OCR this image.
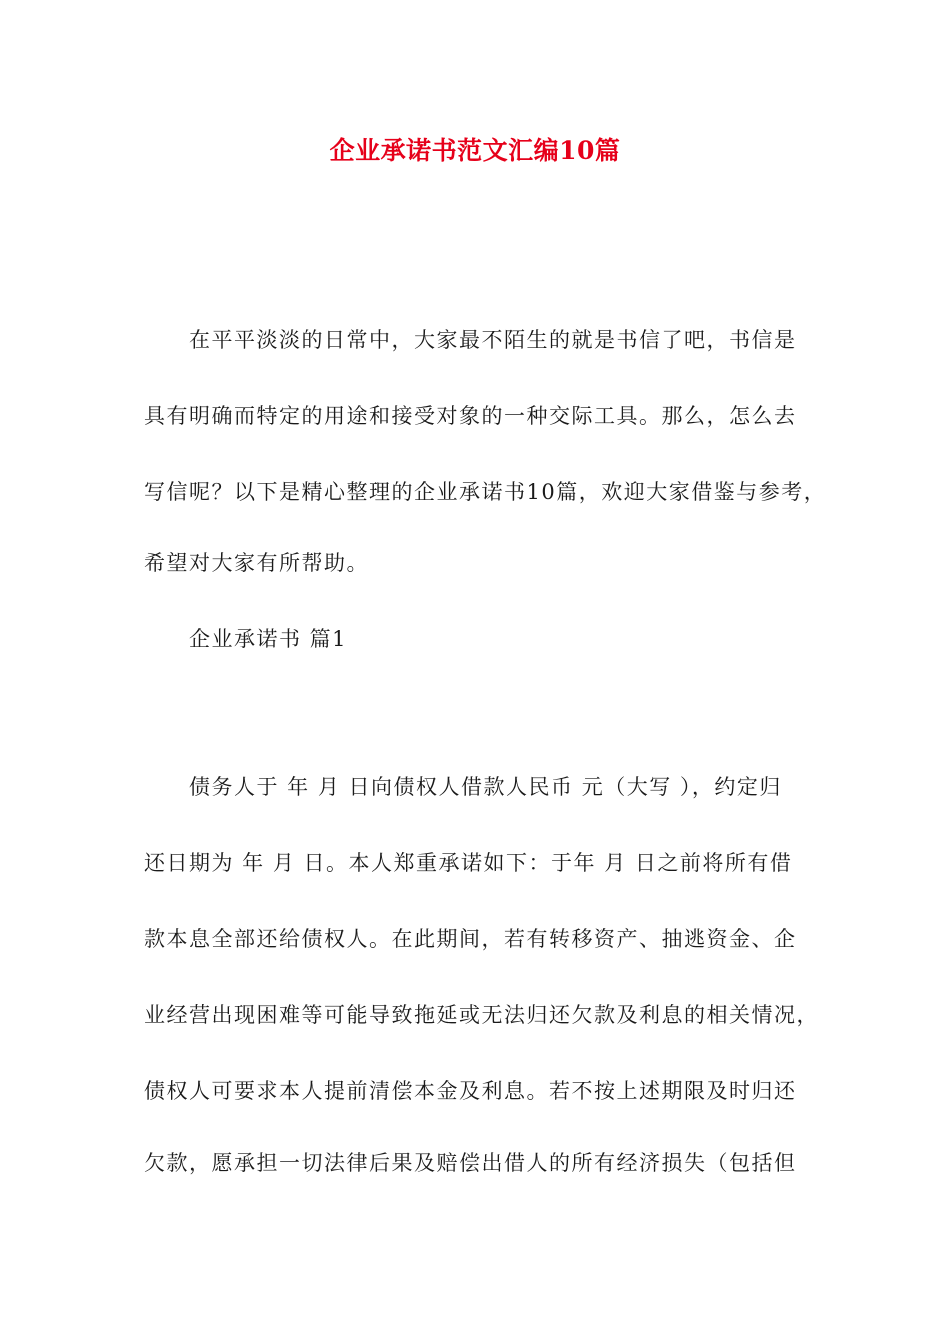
企业承诺书范文汇编10篇
在平平淡淡的日常中，大家最不陌生的就是书信了吧，书信是
具有明确而特定的用途和接受对象的一种交际工具。那么，怎么去
写信呢？以下是精心整理的企业承诺书10篇，欢迎大家借鉴与参考，
希望对大家有所帮助。
企业承诺书 篇1
债务人于 年 月 日向债权人借款人民币 元（大写 ），约定归
还日期为 年 月 日。本人郑重承诺如下：于年 月 日之前将所有借
款本息全部还给债权人。在此期间，若有转移资产、抽逃资金、企
业经营出现困难等可能导致拖延或无法归还欠款及利息的相关情况，
债权人可要求本人提前清偿本金及利息。若不按上述期限及时归还
欠款，愿承担一切法律后果及赔偿出借人的所有经济损失（包括但
